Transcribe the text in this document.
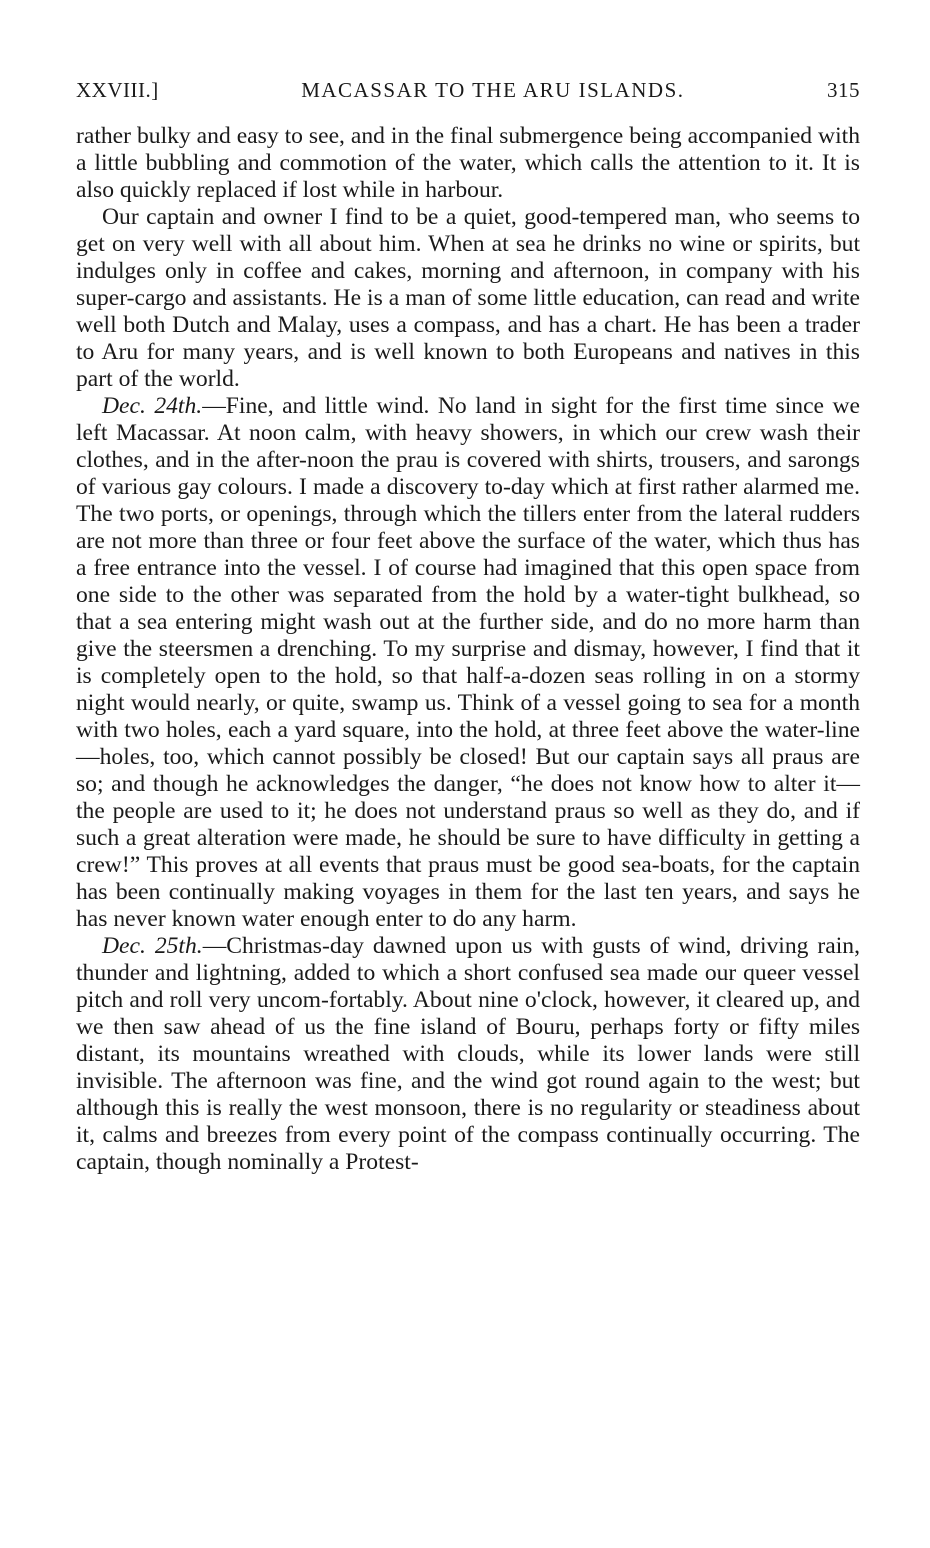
XXVIII.]	MACASSAR TO THE ARU ISLANDS.	315

rather bulky and easy to see, and in the final submergence being accompanied with a little bubbling and commotion of the water, which calls the attention to it. It is also quickly replaced if lost while in harbour.

Our captain and owner I find to be a quiet, good-tempered man, who seems to get on very well with all about him. When at sea he drinks no wine or spirits, but indulges only in coffee and cakes, morning and afternoon, in company with his super-cargo and assistants. He is a man of some little education, can read and write well both Dutch and Malay, uses a compass, and has a chart. He has been a trader to Aru for many years, and is well known to both Europeans and natives in this part of the world.

Dec. 24th.—Fine, and little wind. No land in sight for the first time since we left Macassar. At noon calm, with heavy showers, in which our crew wash their clothes, and in the after-noon the prau is covered with shirts, trousers, and sarongs of various gay colours. I made a discovery to-day which at first rather alarmed me. The two ports, or openings, through which the tillers enter from the lateral rudders are not more than three or four feet above the surface of the water, which thus has a free entrance into the vessel. I of course had imagined that this open space from one side to the other was separated from the hold by a water-tight bulkhead, so that a sea entering might wash out at the further side, and do no more harm than give the steersmen a drenching. To my surprise and dismay, however, I find that it is completely open to the hold, so that half-a-dozen seas rolling in on a stormy night would nearly, or quite, swamp us. Think of a vessel going to sea for a month with two holes, each a yard square, into the hold, at three feet above the water-line—holes, too, which cannot possibly be closed! But our captain says all praus are so; and though he acknowledges the danger, “he does not know how to alter it—the people are used to it; he does not understand praus so well as they do, and if such a great alteration were made, he should be sure to have difficulty in getting a crew!” This proves at all events that praus must be good sea-boats, for the captain has been continually making voyages in them for the last ten years, and says he has never known water enough enter to do any harm.

Dec. 25th.—Christmas-day dawned upon us with gusts of wind, driving rain, thunder and lightning, added to which a short confused sea made our queer vessel pitch and roll very uncom-fortably. About nine o'clock, however, it cleared up, and we then saw ahead of us the fine island of Bouru, perhaps forty or fifty miles distant, its mountains wreathed with clouds, while its lower lands were still invisible. The afternoon was fine, and the wind got round again to the west; but although this is really the west monsoon, there is no regularity or steadiness about it, calms and breezes from every point of the compass continually occurring. The captain, though nominally a Protest-
